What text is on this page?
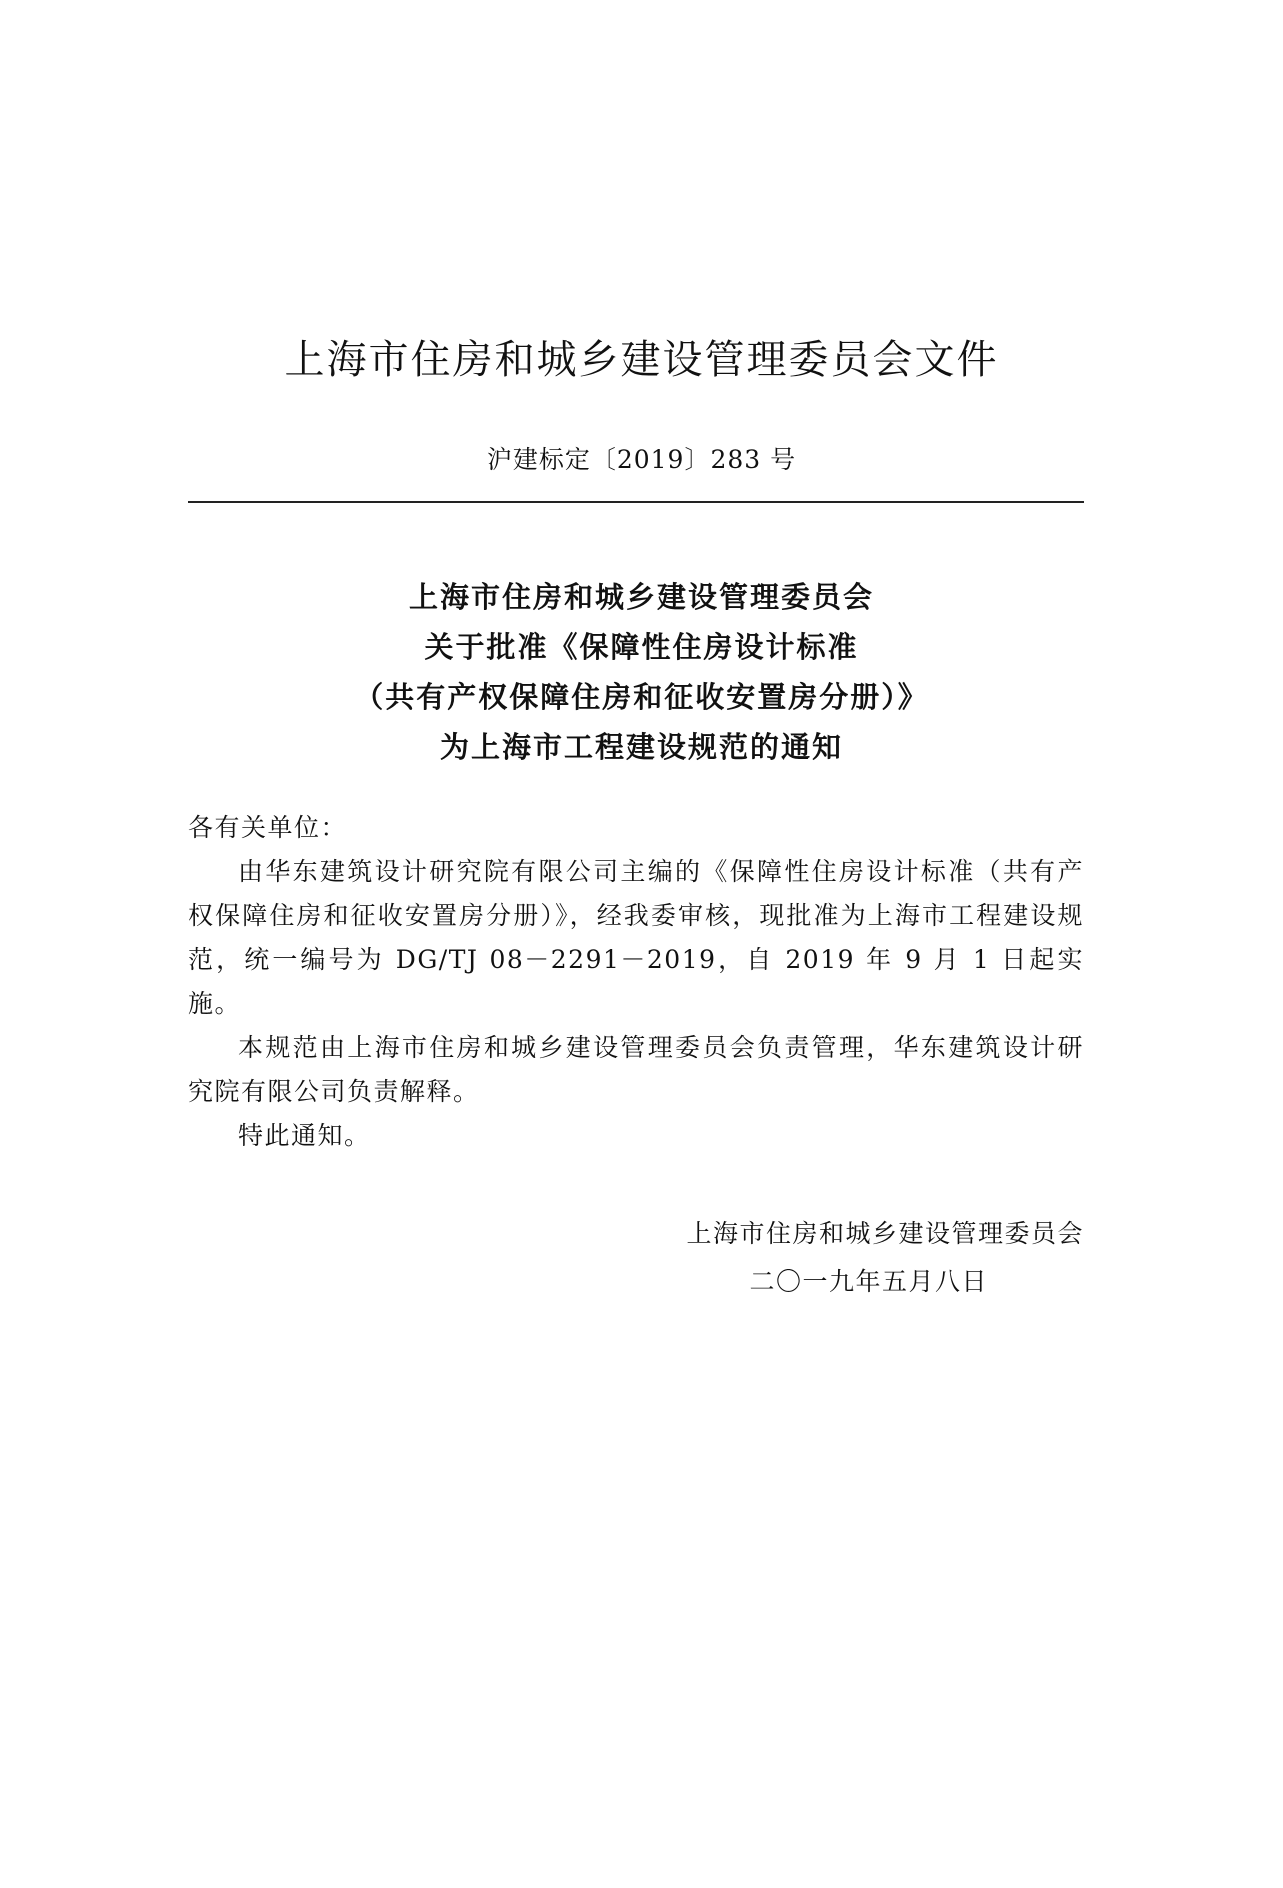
上海市住房和城乡建设管理委员会文件
沪建标定〔2019〕283 号
上海市住房和城乡建设管理委员会
关于批准《保障性住房设计标准
（共有产权保障住房和征收安置房分册）》
为上海市工程建设规范的通知

各有关单位：

由华东建筑设计研究院有限公司主编的《保障性住房设计标准（共有产权保障住房和征收安置房分册）》，经我委审核，现批准为上海市工程建设规范，统一编号为 DG/TJ 08－2291－2019，自 2019 年 9 月 1 日起实施。

本规范由上海市住房和城乡建设管理委员会负责管理，华东建筑设计研究院有限公司负责解释。

特此通知。

上海市住房和城乡建设管理委员会
二〇一九年五月八日
